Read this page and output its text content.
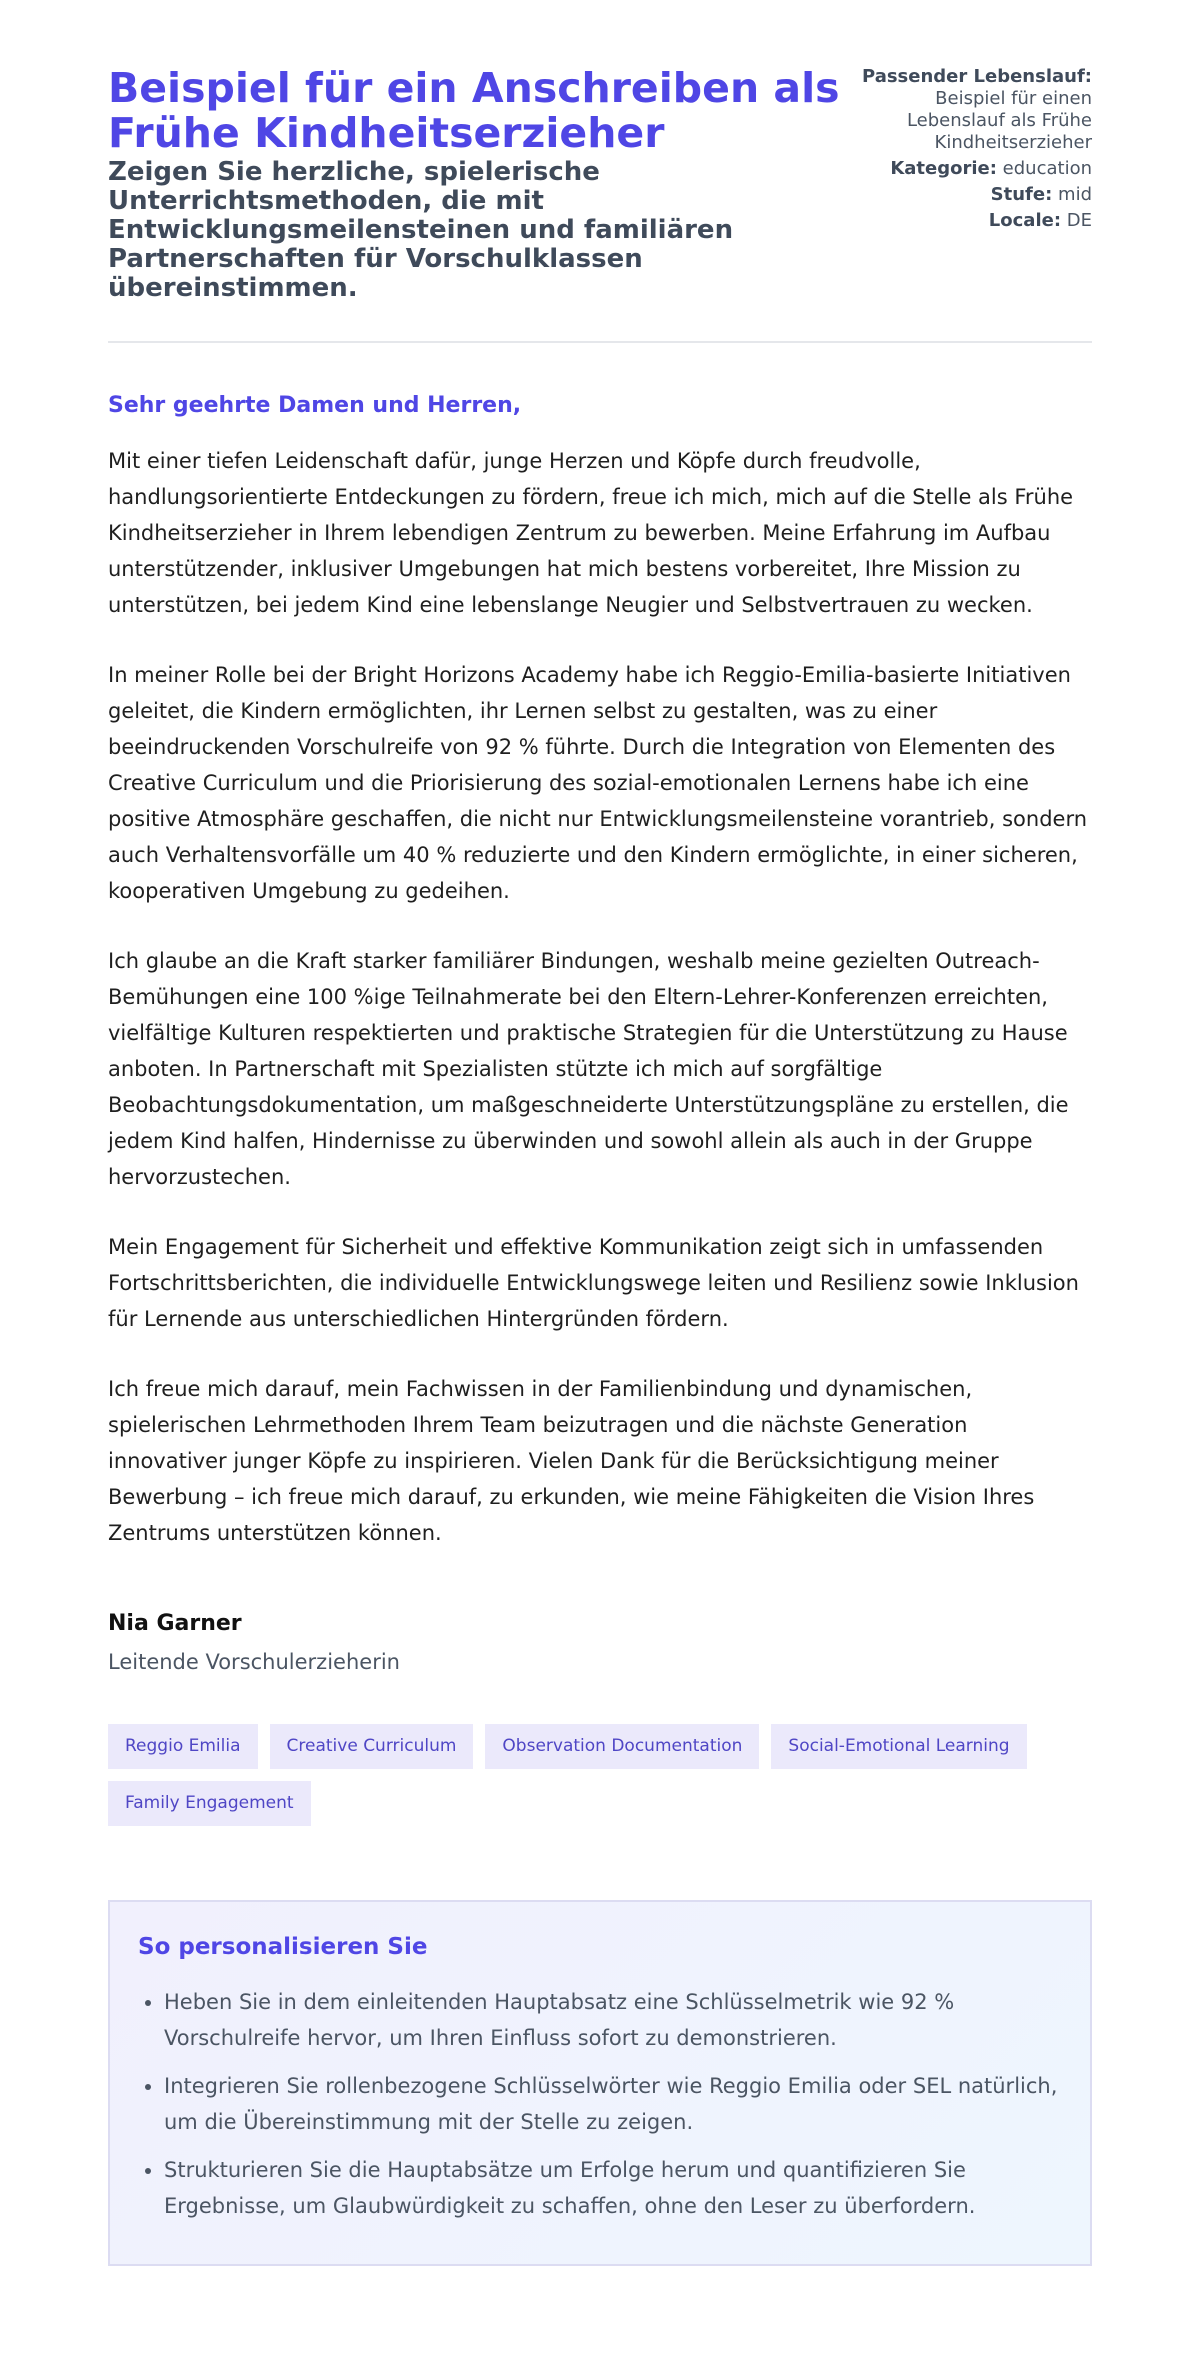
Beispiel für ein Anschreiben als Frühe Kindheitserzieher
Zeigen Sie herzliche, spielerische Unterrichtsmethoden, die mit Entwicklungsmeilensteinen und familiären Partnerschaften für Vorschulklassen übereinstimmen.
Passender Lebenslauf:
Beispiel für einen Lebenslauf als Frühe Kindheitserzieher
Kategorie: education
Stufe: mid
Locale: DE
Sehr geehrte Damen und Herren,

Mit einer tiefen Leidenschaft dafür, junge Herzen und Köpfe durch freudvolle, handlungsorientierte Entdeckungen zu fördern, freue ich mich, mich auf die Stelle als Frühe Kindheitserzieher in Ihrem lebendigen Zentrum zu bewerben. Meine Erfahrung im Aufbau unterstützender, inklusiver Umgebungen hat mich bestens vorbereitet, Ihre Mission zu unterstützen, bei jedem Kind eine lebenslange Neugier und Selbstvertrauen zu wecken.

In meiner Rolle bei der Bright Horizons Academy habe ich Reggio-Emilia-basierte Initiativen geleitet, die Kindern ermöglichten, ihr Lernen selbst zu gestalten, was zu einer beeindruckenden Vorschulreife von 92 % führte. Durch die Integration von Elementen des Creative Curriculum und die Priorisierung des sozial-emotionalen Lernens habe ich eine positive Atmosphäre geschaffen, die nicht nur Entwicklungsmeilensteine vorantrieb, sondern auch Verhaltensvorfälle um 40 % reduzierte und den Kindern ermöglichte, in einer sicheren, kooperativen Umgebung zu gedeihen.

Ich glaube an die Kraft starker familiärer Bindungen, weshalb meine gezielten Outreach-Bemühungen eine 100 %ige Teilnahmerate bei den Eltern-Lehrer-Konferenzen erreichten, vielfältige Kulturen respektierten und praktische Strategien für die Unterstützung zu Hause anboten. In Partnerschaft mit Spezialisten stützte ich mich auf sorgfältige Beobachtungsdokumentation, um maßgeschneiderte Unterstützungspläne zu erstellen, die jedem Kind halfen, Hindernisse zu überwinden und sowohl allein als auch in der Gruppe hervorzustechen.

Mein Engagement für Sicherheit und effektive Kommunikation zeigt sich in umfassenden Fortschrittsberichten, die individuelle Entwicklungswege leiten und Resilienz sowie Inklusion für Lernende aus unterschiedlichen Hintergründen fördern.

Ich freue mich darauf, mein Fachwissen in der Familienbindung und dynamischen, spielerischen Lehrmethoden Ihrem Team beizutragen und die nächste Generation innovativer junger Köpfe zu inspirieren. Vielen Dank für die Berücksichtigung meiner Bewerbung – ich freue mich darauf, zu erkunden, wie meine Fähigkeiten die Vision Ihres Zentrums unterstützen können.

Nia Garner
Leitende Vorschulerzieherin
Reggio Emilia	Creative Curriculum	Observation Documentation	Social-Emotional Learning
Family Engagement
So personalisieren Sie
• Heben Sie in dem einleitenden Hauptabsatz eine Schlüsselmetrik wie 92 % Vorschulreife hervor, um Ihren Einfluss sofort zu demonstrieren.
• Integrieren Sie rollenbezogene Schlüsselwörter wie Reggio Emilia oder SEL natürlich, um die Übereinstimmung mit der Stelle zu zeigen.
• Strukturieren Sie die Hauptabsätze um Erfolge herum und quantifizieren Sie Ergebnisse, um Glaubwürdigkeit zu schaffen, ohne den Leser zu überfordern.
